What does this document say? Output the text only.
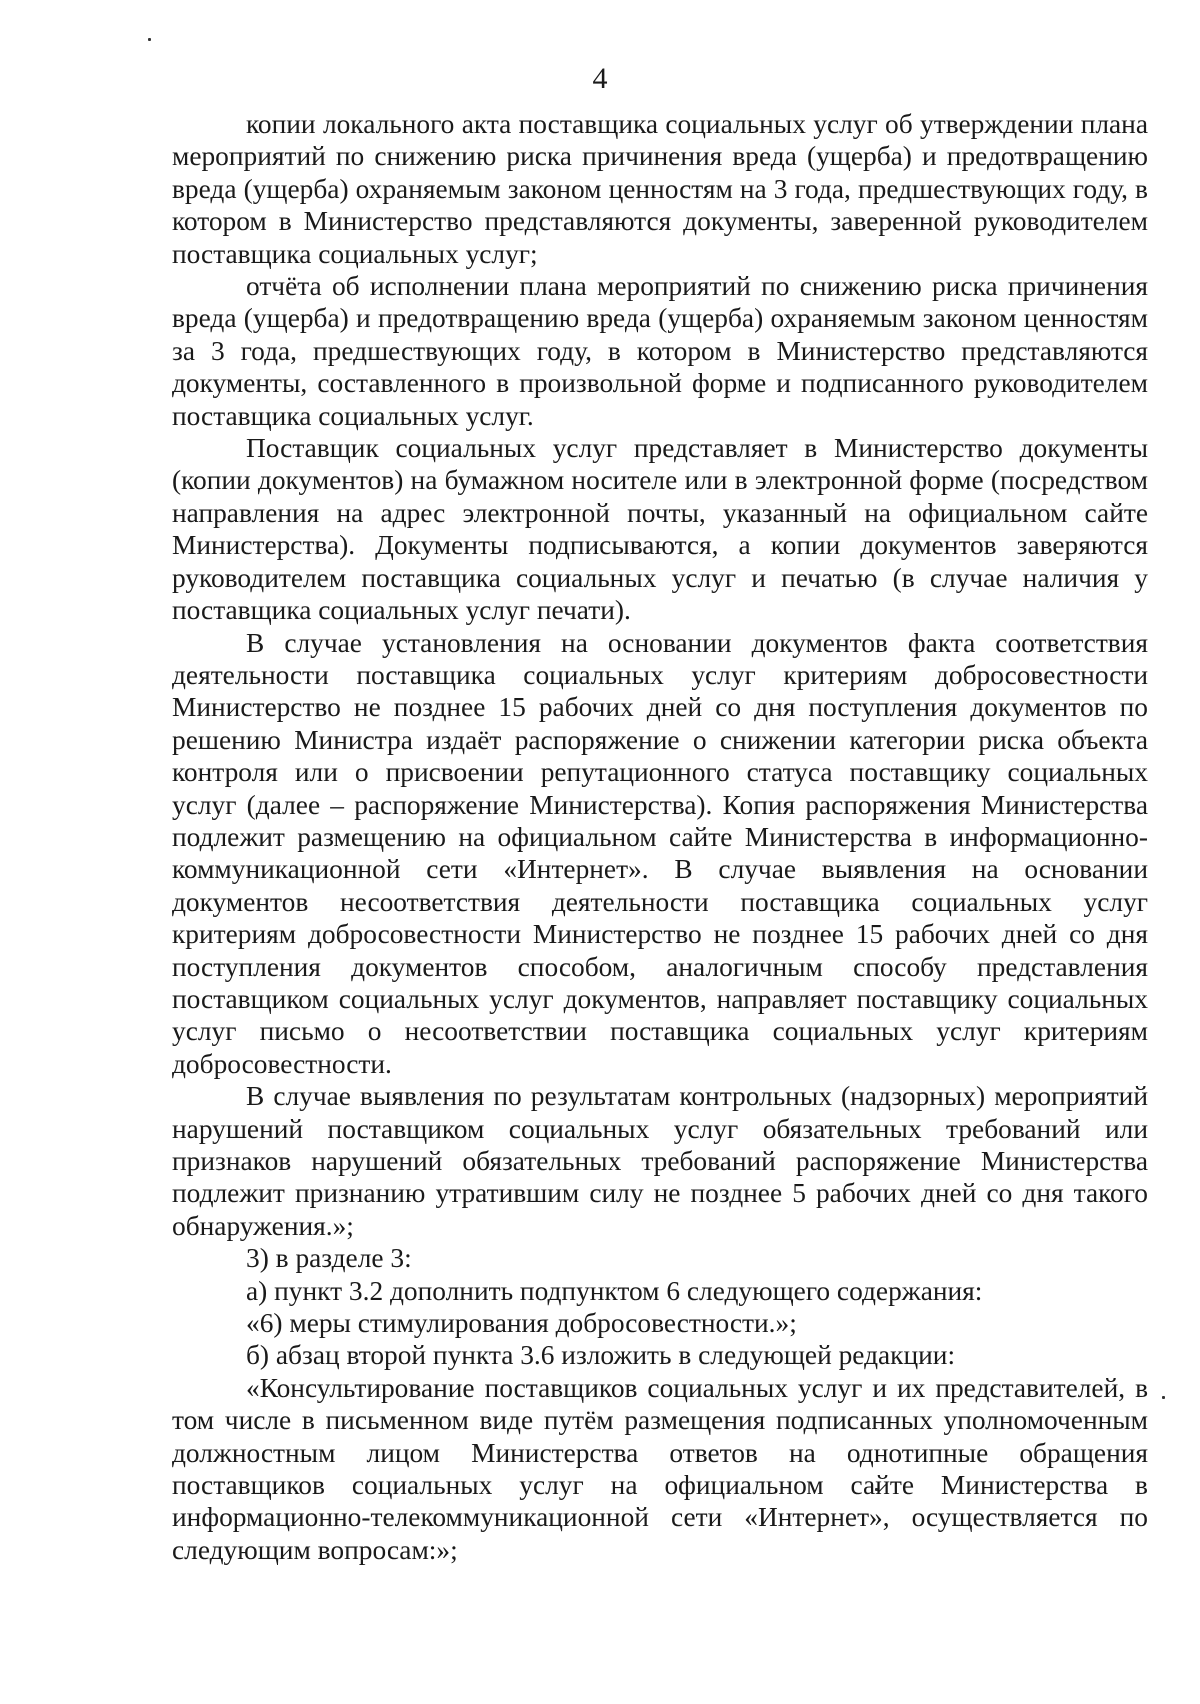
4

копии локального акта поставщика социальных услуг об утверждении плана мероприятий по снижению риска причинения вреда (ущерба) и предотвращению вреда (ущерба) охраняемым законом ценностям на 3 года, предшествующих году, в котором в Министерство представляются документы, заверенной руководителем поставщика социальных услуг;

отчёта об исполнении плана мероприятий по снижению риска причинения вреда (ущерба) и предотвращению вреда (ущерба) охраняемым законом ценностям за 3 года, предшествующих году, в котором в Министерство представляются документы, составленного в произвольной форме и подписанного руководителем поставщика социальных услуг.

Поставщик социальных услуг представляет в Министерство документы (копии документов) на бумажном носителе или в электронной форме (посредством направления на адрес электронной почты, указанный на официальном сайте Министерства). Документы подписываются, а копии документов заверяются руководителем поставщика социальных услуг и печатью (в случае наличия у поставщика социальных услуг печати).

В случае установления на основании документов факта соответствия деятельности поставщика социальных услуг критериям добросовестности Министерство не позднее 15 рабочих дней со дня поступления документов по решению Министра издаёт распоряжение о снижении категории риска объекта контроля или о присвоении репутационного статуса поставщику социальных услуг (далее – распоряжение Министерства). Копия распоряжения Министерства подлежит размещению на официальном сайте Министерства в информационно-коммуникационной сети «Интернет». В случае выявления на основании документов несоответствия деятельности поставщика социальных услуг критериям добросовестности Министерство не позднее 15 рабочих дней со дня поступления документов способом, аналогичным способу представления поставщиком социальных услуг документов, направляет поставщику социальных услуг письмо о несоответствии поставщика социальных услуг критериям добросовестности.

В случае выявления по результатам контрольных (надзорных) мероприятий нарушений поставщиком социальных услуг обязательных требований или признаков нарушений обязательных требований распоряжение Министерства подлежит признанию утратившим силу не позднее 5 рабочих дней со дня такого обнаружения.»;

3) в разделе 3:

а) пункт 3.2 дополнить подпунктом 6 следующего содержания:

«6) меры стимулирования добросовестности.»;

б) абзац второй пункта 3.6 изложить в следующей редакции:

«Консультирование поставщиков социальных услуг и их представителей, в том числе в письменном виде путём размещения подписанных уполномоченным должностным лицом Министерства ответов на однотипные обращения поставщиков социальных услуг на официальном сайте Министерства в информационно-телекоммуникационной сети «Интернет», осуществляется по следующим вопросам:»;
